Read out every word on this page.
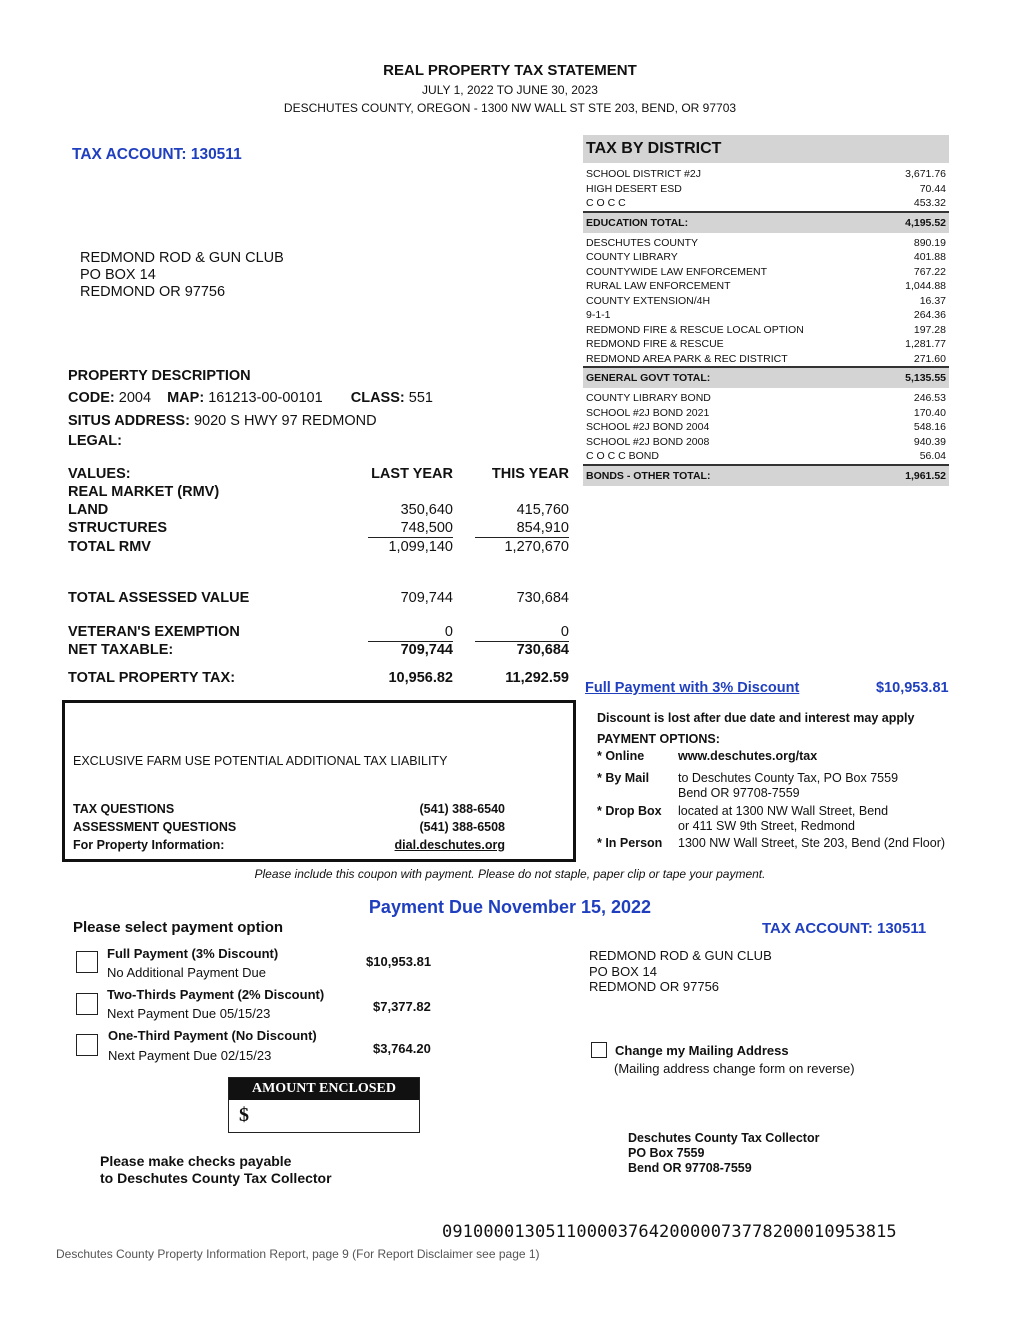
REAL PROPERTY TAX STATEMENT
JULY 1, 2022 TO JUNE 30, 2023
DESCHUTES COUNTY, OREGON - 1300 NW WALL ST STE 203, BEND, OR 97703
TAX ACCOUNT: 130511
REDMOND ROD & GUN CLUB
PO BOX 14
REDMOND OR 97756
TAX BY DISTRICT
SCHOOL DISTRICT #2J	3,671.76
HIGH DESERT ESD	70.44
C O C C	453.32
EDUCATION TOTAL:	4,195.52
DESCHUTES COUNTY	890.19
COUNTY LIBRARY	401.88
COUNTYWIDE LAW ENFORCEMENT	767.22
RURAL LAW ENFORCEMENT	1,044.88
COUNTY EXTENSION/4H	16.37
9-1-1	264.36
REDMOND FIRE & RESCUE LOCAL OPTION	197.28
REDMOND FIRE & RESCUE	1,281.77
REDMOND AREA PARK & REC DISTRICT	271.60
GENERAL GOVT TOTAL:	5,135.55
COUNTY LIBRARY BOND	246.53
SCHOOL #2J BOND 2021	170.40
SCHOOL #2J BOND 2004	548.16
SCHOOL #2J BOND 2008	940.39
C O C C BOND	56.04
BONDS - OTHER TOTAL:	1,961.52
PROPERTY DESCRIPTION
CODE: 2004 MAP: 161213-00-00101 CLASS: 551
SITUS ADDRESS: 9020 S HWY 97 REDMOND
LEGAL:
VALUES:	LAST YEAR	THIS YEAR
REAL MARKET (RMV)
LAND	350,640	415,760
STRUCTURES	748,500	854,910
TOTAL RMV	1,099,140	1,270,670
TOTAL ASSESSED VALUE	709,744	730,684
VETERAN'S EXEMPTION	0	0
NET TAXABLE:	709,744	730,684
TOTAL PROPERTY TAX:	10,956.82	11,292.59
EXCLUSIVE FARM USE POTENTIAL ADDITIONAL TAX LIABILITY
TAX QUESTIONS	(541) 388-6540
ASSESSMENT QUESTIONS	(541) 388-6508
For Property Information:	dial.deschutes.org
Full Payment with 3% Discount	$10,953.81
Discount is lost after due date and interest may apply
PAYMENT OPTIONS:
* Online	www.deschutes.org/tax
* By Mail to Deschutes County Tax, PO Box 7559
Bend OR 97708-7559
* Drop Box located at 1300 NW Wall Street, Bend
or 411 SW 9th Street, Redmond
* In Person 1300 NW Wall Street, Ste 203, Bend (2nd Floor)
Please include this coupon with payment. Please do not staple, paper clip or tape your payment.
Payment Due November 15, 2022
Please select payment option	TAX ACCOUNT: 130511
Full Payment (3% Discount)
No Additional Payment Due
$10,953.81
Two-Thirds Payment (2% Discount)
Next Payment Due 05/15/23	$7,377.82
One-Third Payment (No Discount)
Next Payment Due 02/15/23	$3,764.20
AMOUNT ENCLOSED
$
REDMOND ROD & GUN CLUB
PO BOX 14
REDMOND OR 97756
Change my Mailing Address
(Mailing address change form on reverse)
Please make checks payable
to Deschutes County Tax Collector
Deschutes County Tax Collector
PO Box 7559
Bend OR 97708-7559
09100001305110000376420000073778200010953815
Deschutes County Property Information Report, page 9 (For Report Disclaimer see page 1)
